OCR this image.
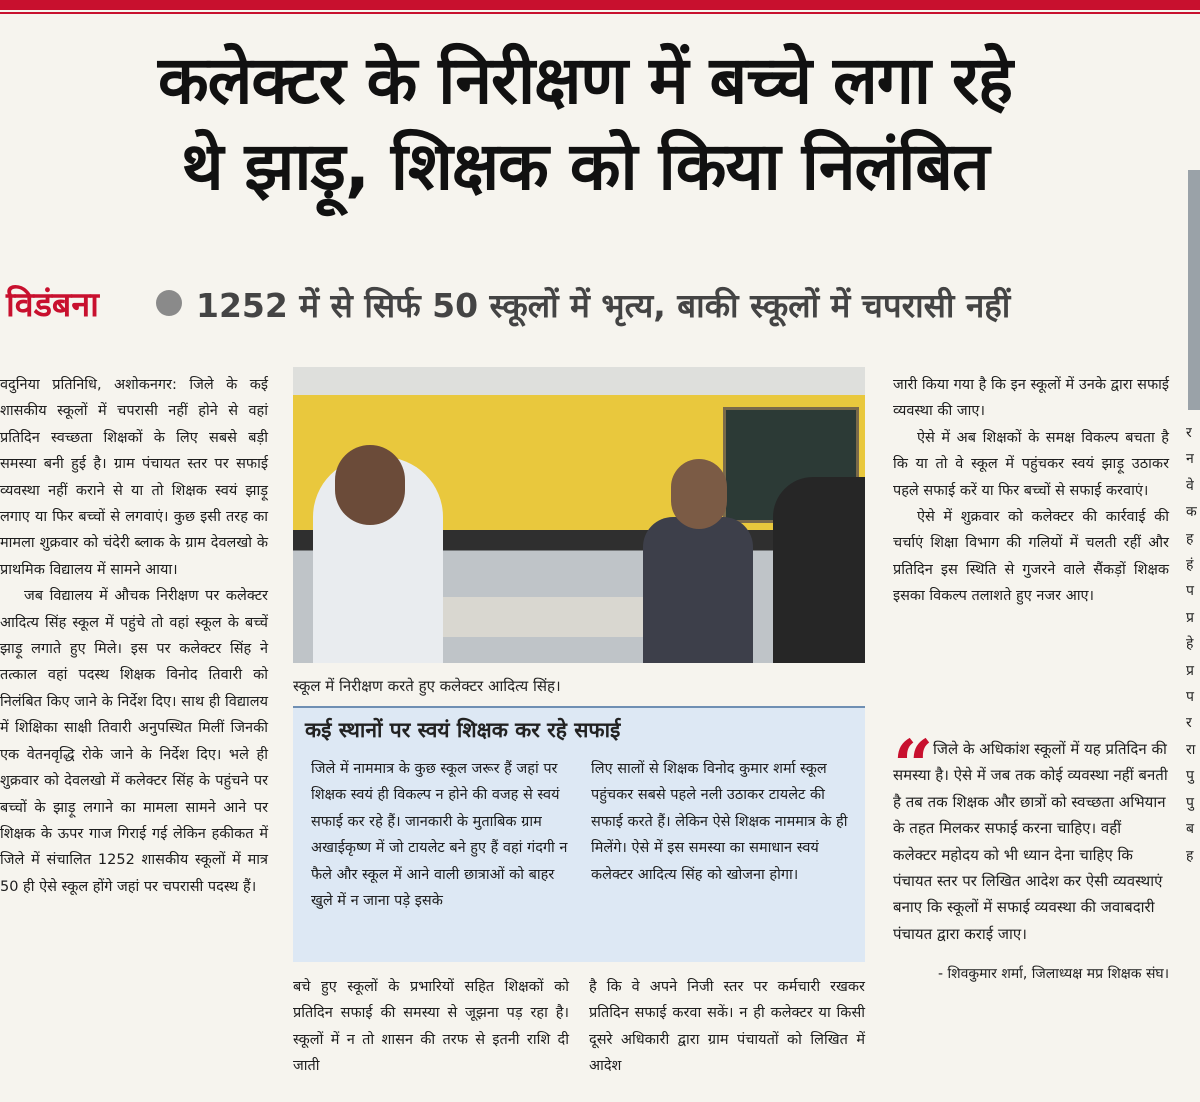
कलेक्टर के निरीक्षण में बच्चे लगा रहे
थे झाड़ू, शिक्षक को किया निलंबित
विडंबना	1252 में से सिर्फ 50 स्कूलों में भृत्य, बाकी स्कूलों में चपरासी नहीं

वदुनिया प्रतिनिधि, अशोकनगर: जिले के कई शासकीय स्कूलों में चपरासी नहीं होने से वहां प्रतिदिन स्वच्छता शिक्षकों के लिए सबसे बड़ी समस्या बनी हुई है। ग्राम पंचायत स्तर पर सफाई व्यवस्था नहीं कराने से या तो शिक्षक स्वयं झाड़ू लगाए या फिर बच्चों से लगवाएं। कुछ इसी तरह का मामला शुक्रवार को चंदेरी ब्लाक के ग्राम देवलखो के प्राथमिक विद्यालय में सामने आया।

जब विद्यालय में औचक निरीक्षण पर कलेक्टर आदित्य सिंह स्कूल में पहुंचे तो वहां स्कूल के बच्चें झाड़ू लगाते हुए मिले। इस पर कलेक्टर सिंह ने तत्काल वहां पदस्थ शिक्षक विनोद तिवारी को निलंबित किए जाने के निर्देश दिए। साथ ही विद्यालय में शिक्षिका साक्षी तिवारी अनुपस्थित मिलीं जिनकी एक वेतनवृद्धि रोके जाने के निर्देश दिए। भले ही शुक्रवार को देवलखो में कलेक्टर सिंह के पहुंचने पर बच्चों के झाड़ू लगाने का मामला सामने आने पर शिक्षक के ऊपर गाज गिराई गई लेकिन हकीकत में जिले में संचालित 1252 शासकीय स्कूलों में मात्र 50 ही ऐसे स्कूल होंगे जहां पर चपरासी पदस्थ हैं।

स्कूल में निरीक्षण करते हुए कलेक्टर आदित्य सिंह।
कई स्थानों पर स्वयं शिक्षक कर रहे सफाई
जिले में नाममात्र के कुछ स्कूल जरूर हैं जहां पर शिक्षक स्वयं ही विकल्प न होने की वजह से स्वयं सफाई कर रहे हैं। जानकारी के मुताबिक ग्राम अखाईकृष्ण में जो टायलेट बने हुए हैं वहां गंदगी न फैले और स्कूल में आने वाली छात्राओं को बाहर खुले में न जाना पड़े इसके
लिए सालों से शिक्षक विनोद कुमार शर्मा स्कूल पहुंचकर सबसे पहले नली उठाकर टायलेट की सफाई करते हैं। लेकिन ऐसे शिक्षक नाममात्र के ही मिलेंगे। ऐसे में इस समस्या का समाधान स्वयं कलेक्टर आदित्य सिंह को खोजना होगा।
बचे हुए स्कूलों के प्रभारियों सहित शिक्षकों को प्रतिदिन सफाई की समस्या से जूझना पड़ रहा है। स्कूलों में न तो शासन की तरफ से इतनी राशि दी जाती
है कि वे अपने निजी स्तर पर कर्मचारी रखकर प्रतिदिन सफाई करवा सकें। न ही कलेक्टर या किसी दूसरे अधिकारी द्वारा ग्राम पंचायतों को लिखित में आदेश

जारी किया गया है कि इन स्कूलों में उनके द्वारा सफाई व्यवस्था की जाए।

ऐसे में अब शिक्षकों के समक्ष विकल्प बचता है कि या तो वे स्कूल में पहुंचकर स्वयं झाड़ू उठाकर पहले सफाई करें या फिर बच्चों से सफाई करवाएं।

ऐसे में शुक्रवार को कलेक्टर की कार्रवाई की चर्चाएं शिक्षा विभाग की गलियों में चलती रहीं और प्रतिदिन इस स्थिति से गुजरने वाले सैंकड़ों शिक्षक इसका विकल्प तलाशते हुए नजर आए।

“ जिले के अधिकांश स्कूलों में यह प्रतिदिन की समस्या है। ऐसे में जब तक कोई व्यवस्था नहीं बनती है तब तक शिक्षक और छात्रों को स्वच्छता अभियान के तहत मिलकर सफाई करना चाहिए। वहीं कलेक्टर महोदय को भी ध्यान देना चाहिए कि पंचायत स्तर पर लिखित आदेश कर ऐसी व्यवस्थाएं बनाए कि स्कूलों में सफाई व्यवस्था की जवाबदारी पंचायत द्वारा कराई जाए।

- शिवकुमार शर्मा, जिलाध्यक्ष मप्र शिक्षक संघ।

र
न
वे
क
ह
हं
प
प्र
हे
प्र
प
र
रा
पु
पु
ब
ह
